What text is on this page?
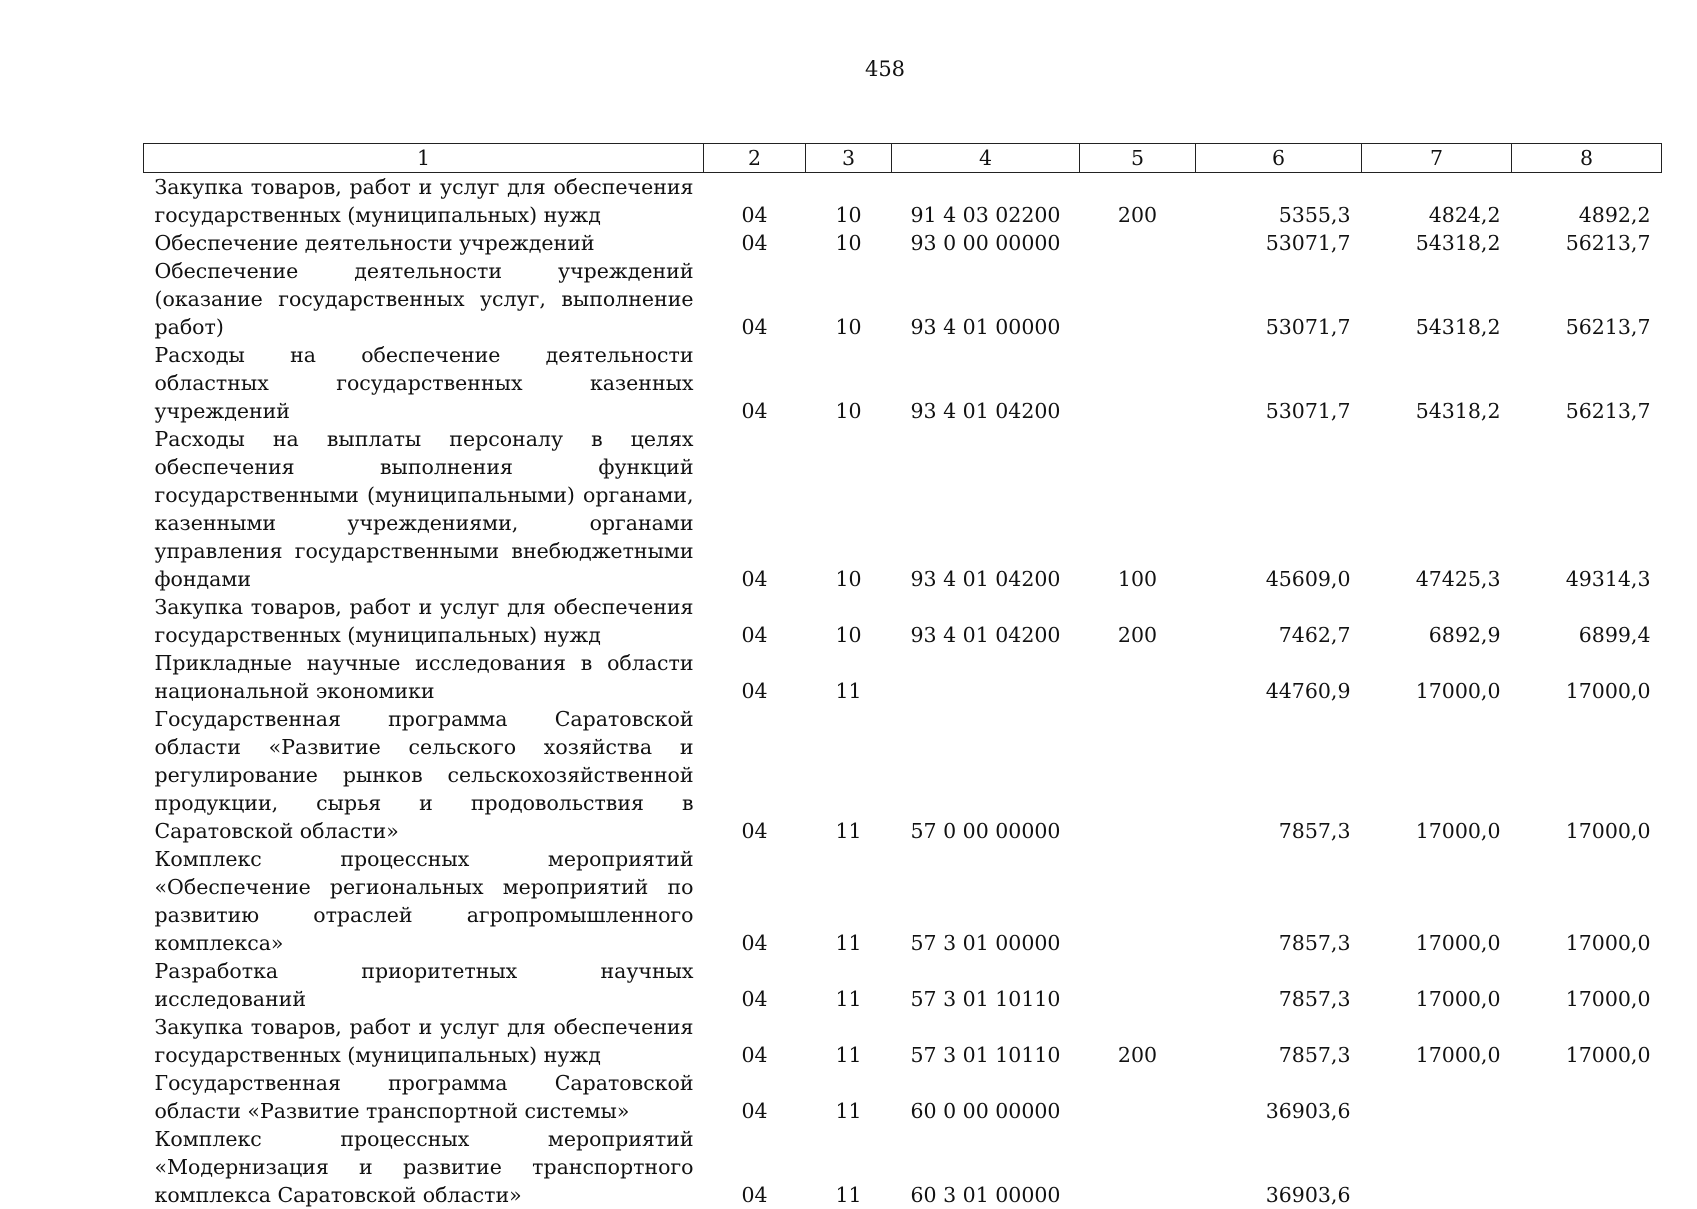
458
1	2	3	4	5	6	7	8
Закупка товаров, работ и услуг для обеспечения государственных (муниципальных) нужд	04	10	91 4 03 02200	200	5355,3	4824,2	4892,2
Обеспечение деятельности учреждений	04	10	93 0 00 00000		53071,7	54318,2	56213,7
Обеспечение деятельности учреждений (оказание государственных услуг, выполнение работ)	04	10	93 4 01 00000		53071,7	54318,2	56213,7
Расходы на обеспечение деятельности областных государственных казенных учреждений	04	10	93 4 01 04200		53071,7	54318,2	56213,7
Расходы на выплаты персоналу в целях обеспечения выполнения функций государственными (муниципальными) органами, казенными учреждениями, органами управления государственными внебюджетными фондами	04	10	93 4 01 04200	100	45609,0	47425,3	49314,3
Закупка товаров, работ и услуг для обеспечения государственных (муниципальных) нужд	04	10	93 4 01 04200	200	7462,7	6892,9	6899,4
Прикладные научные исследования в области национальной экономики	04	11			44760,9	17000,0	17000,0
Государственная программа Саратовской области «Развитие сельского хозяйства и регулирование рынков сельскохозяйственной продукции, сырья и продовольствия в Саратовской области»	04	11	57 0 00 00000		7857,3	17000,0	17000,0
Комплекс процессных мероприятий «Обеспечение региональных мероприятий по развитию отраслей агропромышленного комплекса»	04	11	57 3 01 00000		7857,3	17000,0	17000,0
Разработка приоритетных научных исследований	04	11	57 3 01 10110		7857,3	17000,0	17000,0
Закупка товаров, работ и услуг для обеспечения государственных (муниципальных) нужд	04	11	57 3 01 10110	200	7857,3	17000,0	17000,0
Государственная программа Саратовской области «Развитие транспортной системы»	04	11	60 0 00 00000		36903,6		
Комплекс процессных мероприятий «Модернизация и развитие транспортного комплекса Саратовской области»	04	11	60 3 01 00000		36903,6		
